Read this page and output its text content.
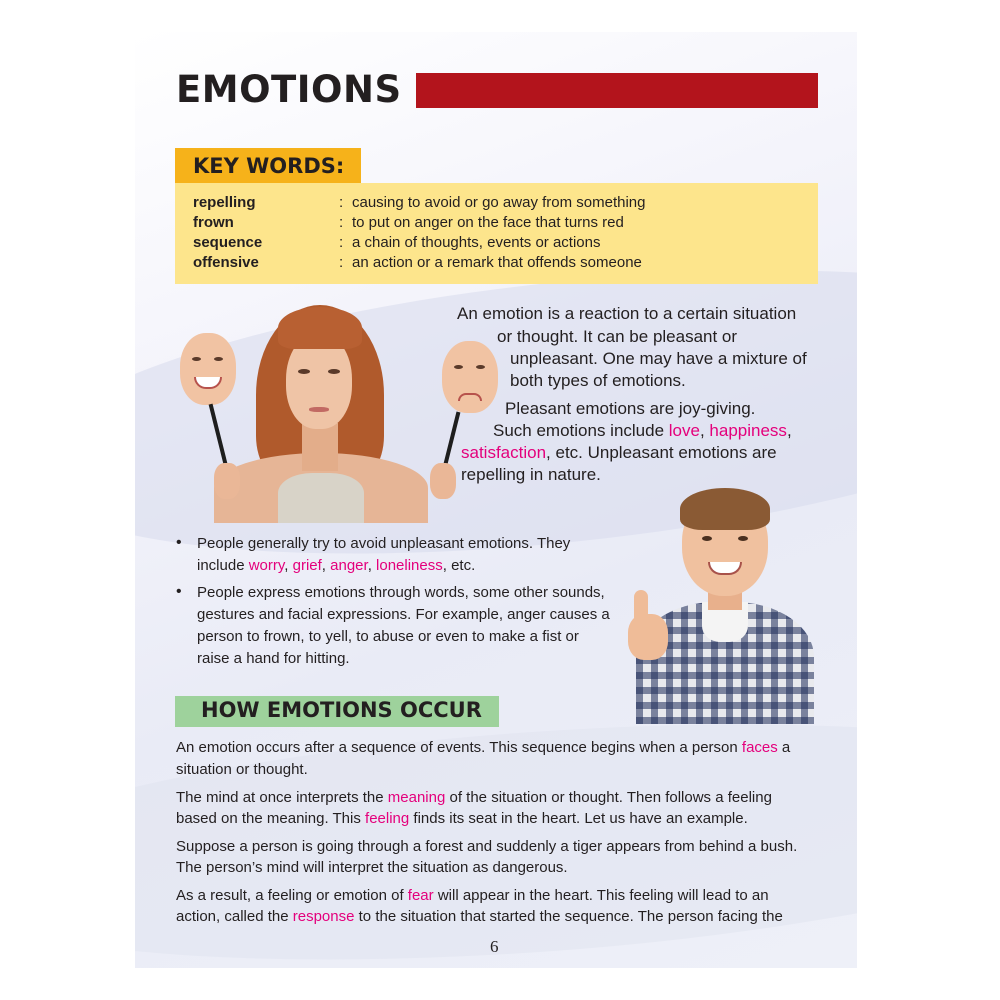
EMOTIONS
KEY WORDS:
repelling	: causing to avoid or go away from something
frown	: to put on anger on the face that turns red
sequence	: a chain of thoughts, events or actions
offensive	: an action or a remark that offends someone
An emotion is a reaction to a certain situation
or thought. It can be pleasant or
unpleasant. One may have a mixture of
both types of emotions.
Pleasant emotions are joy-giving.
Such emotions include love, happiness,
satisfaction, etc. Unpleasant emotions are
repelling in nature.
• People generally try to avoid unpleasant emotions. They
include worry, grief, anger, loneliness, etc.
• People express emotions through words, some other sounds,
gestures and facial expressions. For example, anger causes a
person to frown, to yell, to abuse or even to make a fist or
raise a hand for hitting.
HOW EMOTIONS OCCUR
An emotion occurs after a sequence of events. This sequence begins when a person faces a
situation or thought.
The mind at once interprets the meaning of the situation or thought. Then follows a feeling
based on the meaning. This feeling finds its seat in the heart. Let us have an example.
Suppose a person is going through a forest and suddenly a tiger appears from behind a bush.
The person’s mind will interpret the situation as dangerous.
As a result, a feeling or emotion of fear will appear in the heart. This feeling will lead to an
action, called the response to the situation that started the sequence. The person facing the
6
